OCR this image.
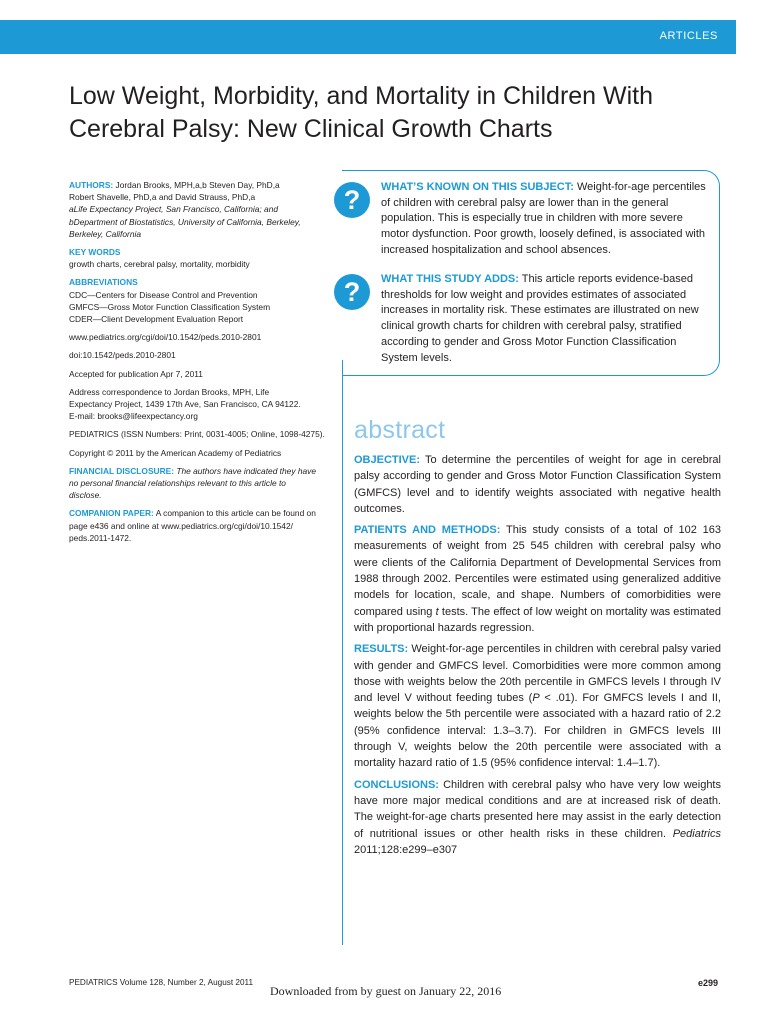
ARTICLES
Low Weight, Morbidity, and Mortality in Children With
Cerebral Palsy: New Clinical Growth Charts

AUTHORS: Jordan Brooks, MPH,a,b Steven Day, PhD,a
Robert Shavelle, PhD,a and David Strauss, PhD,a

aLife Expectancy Project, San Francisco, California; and
bDepartment of Biostatistics, University of California, Berkeley,
Berkeley, California

KEY WORDS

growth charts, cerebral palsy, mortality, morbidity

ABBREVIATIONS

CDC—Centers for Disease Control and Prevention
GMFCS—Gross Motor Function Classification System
CDER—Client Development Evaluation Report

www.pediatrics.org/cgi/doi/10.1542/peds.2010-2801

doi:10.1542/peds.2010-2801

Accepted for publication Apr 7, 2011

Address correspondence to Jordan Brooks, MPH, Life
Expectancy Project, 1439 17th Ave, San Francisco, CA 94122.
E-mail: brooks@lifeexpectancy.org

PEDIATRICS (ISSN Numbers: Print, 0031-4005; Online, 1098-4275).

Copyright © 2011 by the American Academy of Pediatrics

FINANCIAL DISCLOSURE: The authors have indicated they have
no personal financial relationships relevant to this article to
disclose.

COMPANION PAPER: A companion to this article can be found on
page e436 and online at www.pediatrics.org/cgi/doi/10.1542/
peds.2011-1472.

?	WHAT’S KNOWN ON THIS SUBJECT: Weight-for-age percentiles of children with cerebral palsy are lower than in the general population. This is especially true in children with more severe motor dysfunction. Poor growth, loosely defined, is associated with increased hospitalization and school absences.
?	WHAT THIS STUDY ADDS: This article reports evidence-based thresholds for low weight and provides estimates of associated increases in mortality risk. These estimates are illustrated on new clinical growth charts for children with cerebral palsy, stratified according to gender and Gross Motor Function Classification System levels.
abstract

OBJECTIVE: To determine the percentiles of weight for age in cerebral palsy according to gender and Gross Motor Function Classification System (GMFCS) level and to identify weights associated with negative health outcomes.

PATIENTS AND METHODS: This study consists of a total of 102 163 measurements of weight from 25 545 children with cerebral palsy who were clients of the California Department of Developmental Services from 1988 through 2002. Percentiles were estimated using generalized additive models for location, scale, and shape. Numbers of comorbidities were compared using t tests. The effect of low weight on mortality was estimated with proportional hazards regression.

RESULTS: Weight-for-age percentiles in children with cerebral palsy varied with gender and GMFCS level. Comorbidities were more common among those with weights below the 20th percentile in GMFCS levels I through IV and level V without feeding tubes (P < .01). For GMFCS levels I and II, weights below the 5th percentile were associated with a hazard ratio of 2.2 (95% confidence interval: 1.3–3.7). For children in GMFCS levels III through V, weights below the 20th percentile were associated with a mortality hazard ratio of 1.5 (95% confidence interval: 1.4–1.7).

CONCLUSIONS: Children with cerebral palsy who have very low weights have more major medical conditions and are at increased risk of death. The weight-for-age charts presented here may assist in the early detection of nutritional issues or other health risks in these children. Pediatrics 2011;128:e299–e307

PEDIATRICS Volume 128, Number 2, August 2011	e299
Downloaded from by guest on January 22, 2016
